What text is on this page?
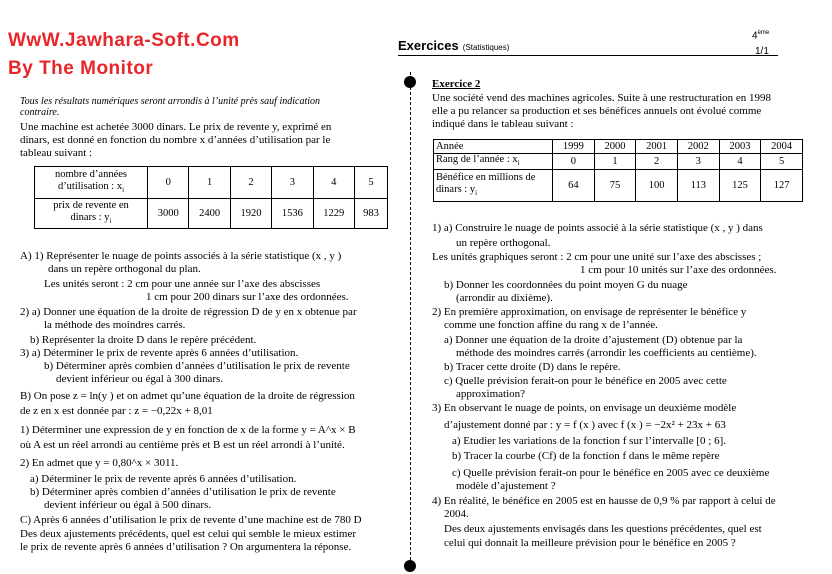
WwW.Jawhara-Soft.Com
By The Monitor
Exercices (Statistiques)
4ème
1/1
Tous les résultats numériques seront arrondis à l’unité près sauf indication
contraire.
Une machine est achetée 3000 dinars. Le prix de revente y, exprimé en
dinars, est donné en fonction du nombre x d’années d’utilisation par le
tableau suivant :
nombre d’années
d’utilisation : $x_i$	0	1	2	3	4	5

prix de revente en
dinars : $y_i$	3000	2400	1920	1536	1229	983
A) 1) Représenter le nuage de points associés à la série statistique (x , y )
dans un repère orthogonal du plan.
Les unités seront : 2 cm pour une année sur l’axe des abscisses
1 cm pour 200 dinars sur l’axe des ordonnées.
2) a) Donner une équation de la droite de régression D de y en x obtenue par
la méthode des moindres carrés.
b) Représenter la droite D dans le repère précédent.
3) a) Déterminer le prix de revente après 6 années d’utilisation.
b) Déterminer après combien d’années d’utilisation le prix de revente
devient inférieur ou égal à 300 dinars.
B) On pose z = ln(y ) et on admet qu’une équation de la droite de régression
de z en x est donnée par : z = −0,22x + 8,01
1) Déterminer une expression de y en fonction de x de la forme y = A^x × B
où A est un réel arrondi au centième près et B est un réel arrondi à l’unité.
2) En admet que y = 0,80^x × 3011.
a) Déterminer le prix de revente après 6 années d’utilisation.
b) Déterminer après combien d’années d’utilisation le prix de revente
devient inférieur ou égal à 500 dinars.
C) Après 6 années d’utilisation le prix de revente d’une machine est de 780 D
Des deux ajustements précédents, quel est celui qui semble le mieux estimer
le prix de revente après 6 années d’utilisation ? On argumentera la réponse.
Exercice 2
Une société vend des machines agricoles. Suite à une restructuration en 1998
elle a pu relancer sa production et ses bénéfices annuels ont évolué comme
indiqué dans le tableau suivant :
Année	1999	2000	2001	2002	2003	2004
Rang de l’année : $x_i$	0	1	2	3	4	5

Bénéfice en millions de
dinars : $y_i$	64	75	100	113	125	127
1) a) Construire le nuage de points associé à la série statistique (x , y ) dans
un repère orthogonal.
Les unités graphiques seront : 2 cm pour une unité sur l’axe des abscisses ;
1 cm pour 10 unités sur l’axe des ordonnées.
b) Donner les coordonnées du point moyen G du nuage
(arrondir au dixième).
2) En première approximation, on envisage de représenter le bénéfice y
comme une fonction affine du rang x de l’année.
a) Donner une équation de la droite d’ajustement (D) obtenue par la
méthode des moindres carrés (arrondir les coefficients au centième).
b) Tracer cette droite (D) dans le repère.
c) Quelle prévision ferait-on pour le bénéfice en 2005 avec cette
approximation?
3) En observant le nuage de points, on envisage un deuxième modèle
d’ajustement donné par : y = f (x ) avec f (x ) = −2x² + 23x + 63
a) Etudier les variations de la fonction f sur l’intervalle [0 ; 6].
b) Tracer la courbe (Cf) de la fonction f dans le même repère
c) Quelle prévision ferait-on pour le bénéfice en 2005 avec ce deuxième
modèle d’ajustement ?
4) En réalité, le bénéfice en 2005 est en hausse de 0,9 % par rapport à celui de
2004.
Des deux ajustements envisagés dans les questions précédentes, quel est
celui qui donnait la meilleure prévision pour le bénéfice en 2005 ?
